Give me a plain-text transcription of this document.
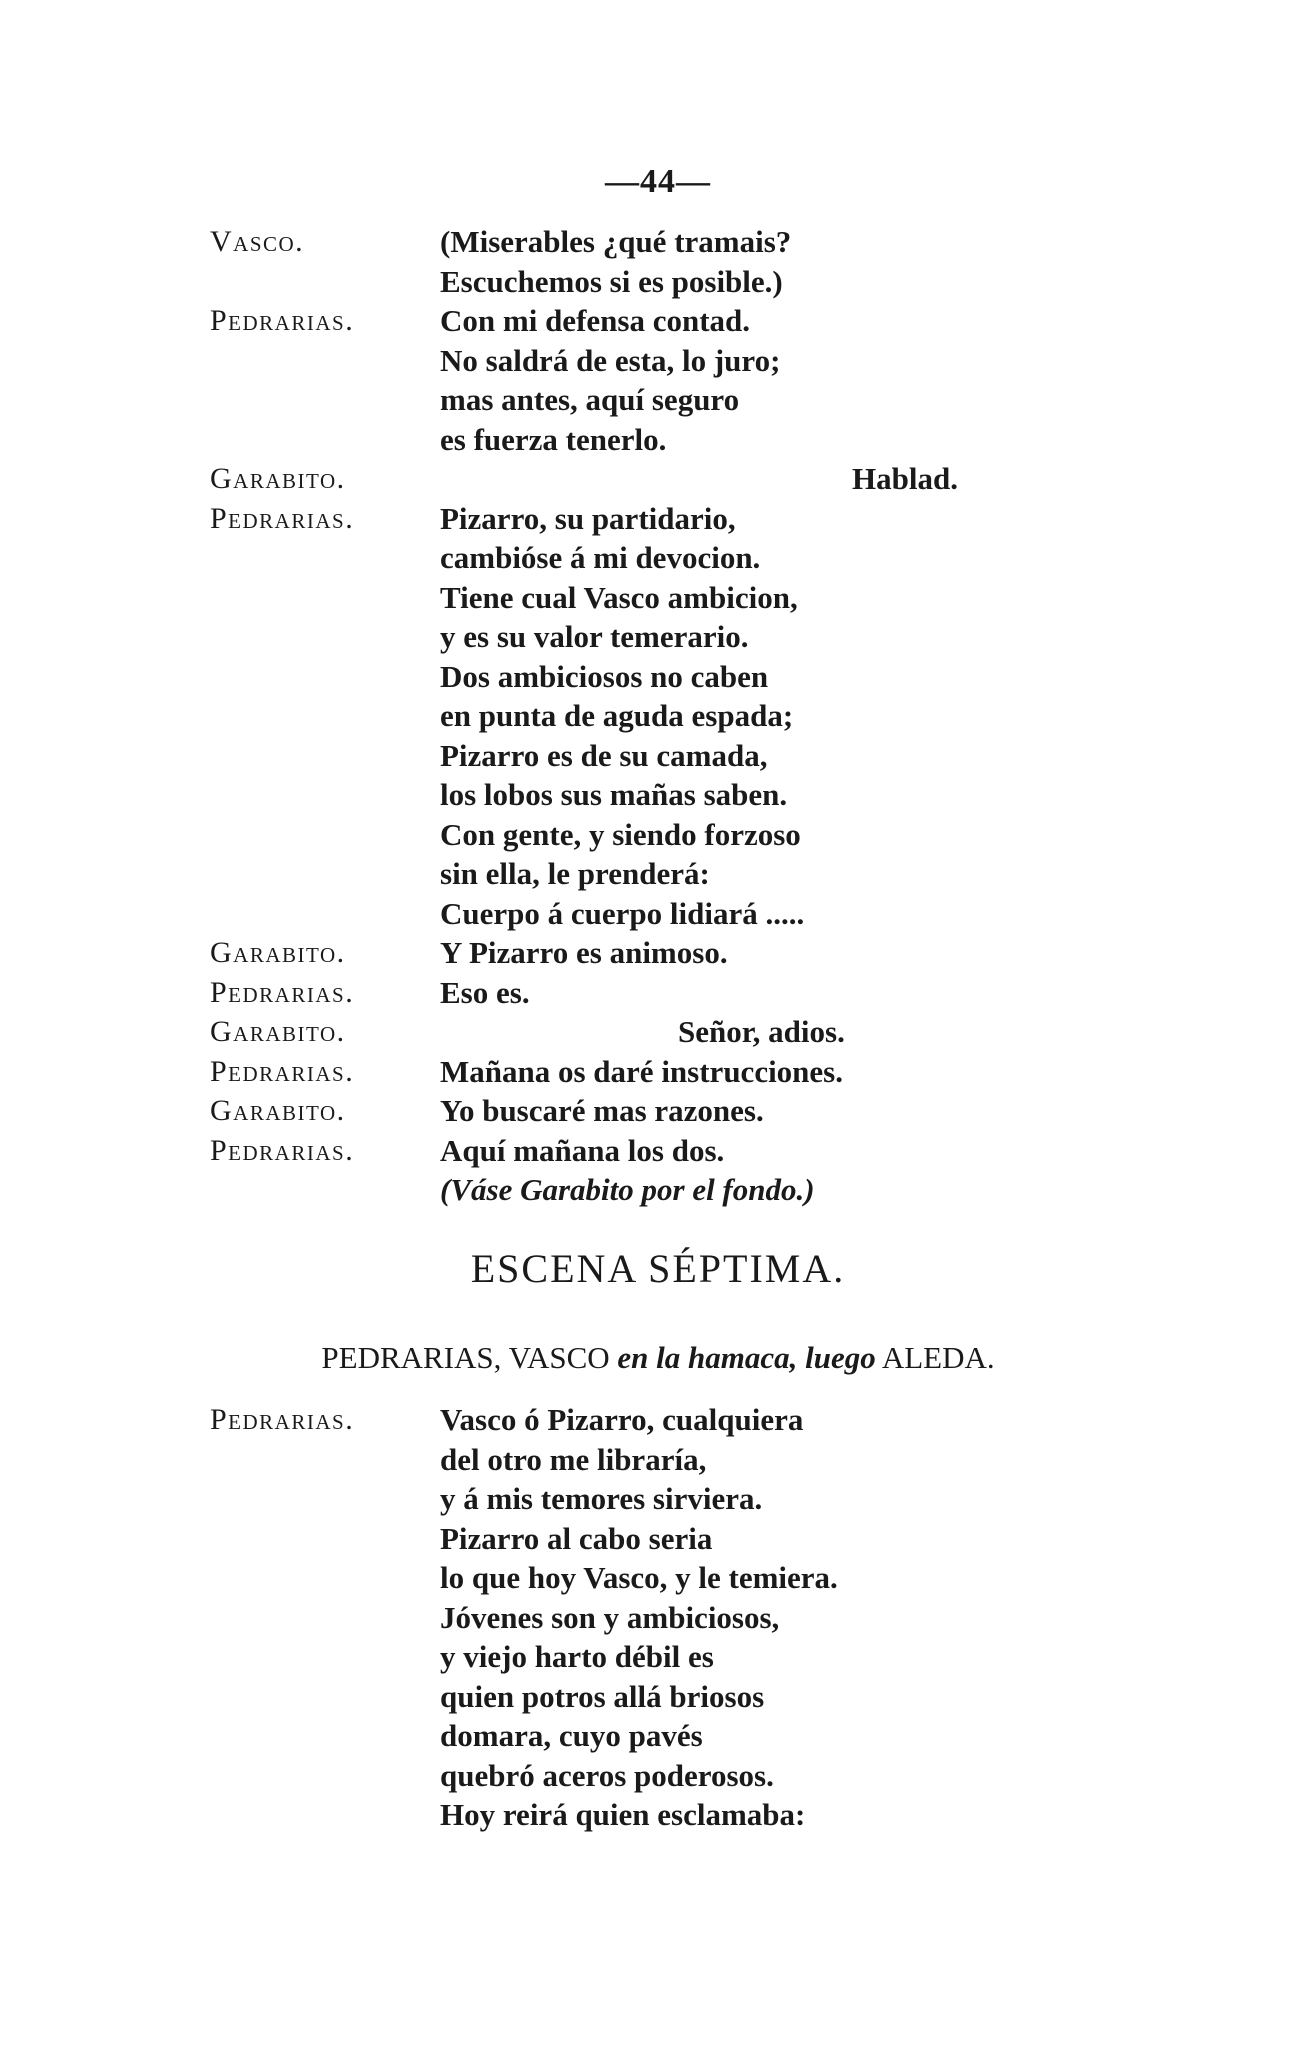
—44—
Vasco.	(Miserables ¿qué tramais?
Escuchemos si es posible.)
Pedrarias.	Con mi defensa contad.
No saldrá de esta, lo juro;
mas antes, aquí seguro
es fuerza tenerlo.
Garabito.	Hablad.
Pedrarias.	Pizarro, su partidario,
cambióse á mi devocion.
Tiene cual Vasco ambicion,
y es su valor temerario.
Dos ambiciosos no caben
en punta de aguda espada;
Pizarro es de su camada,
los lobos sus mañas saben.
Con gente, y siendo forzoso
sin ella, le prenderá:
Cuerpo á cuerpo lidiará .....
Garabito.	Y Pizarro es animoso.
Pedrarias.	Eso es.
Garabito.	Señor, adios.
Pedrarias.	Mañana os daré instrucciones.
Garabito.	Yo buscaré mas razones.
Pedrarias.	Aquí mañana los dos.
(Váse Garabito por el fondo.)
ESCENA SÉPTIMA.
PEDRARIAS, VASCO en la hamaca, luego ALEDA.
Pedrarias.	Vasco ó Pizarro, cualquiera
del otro me libraría,
y á mis temores sirviera.
Pizarro al cabo seria
lo que hoy Vasco, y le temiera.
Jóvenes son y ambiciosos,
y viejo harto débil es
quien potros allá briosos
domara, cuyo pavés
quebró aceros poderosos.
Hoy reirá quien esclamaba:
